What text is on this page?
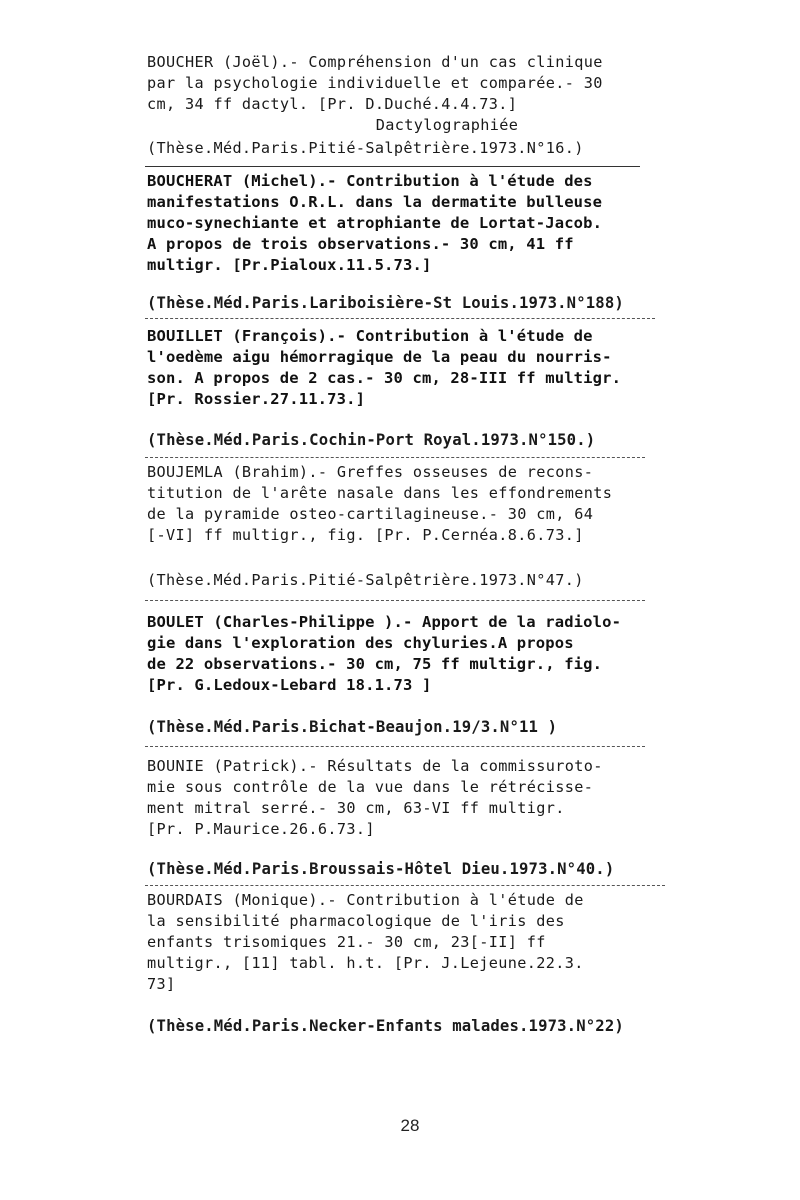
BOUCHER (Joël).- Compréhension d'un cas clinique
par la psychologie individuelle et comparée.- 30
cm, 34 ff dactyl. [Pr. D.Duché.4.4.73.]
Dactylographiée
(Thèse.Méd.Paris.Pitié-Salpêtrière.1973.N°16.)
BOUCHERAT (Michel).- Contribution à l'étude des
manifestations O.R.L. dans la dermatite bulleuse
muco-synechiante et atrophiante de Lortat-Jacob.
A propos de trois observations.- 30 cm, 41 ff
multigr. [Pr.Pialoux.11.5.73.]
(Thèse.Méd.Paris.Lariboisière-St Louis.1973.N°188)
BOUILLET (François).- Contribution à l'étude de
l'oedème aigu hémorragique de la peau du nourris-
son. A propos de 2 cas.- 30 cm, 28-III ff multigr.
[Pr. Rossier.27.11.73.]
(Thèse.Méd.Paris.Cochin-Port Royal.1973.N°150.)
BOUJEMLA (Brahim).- Greffes osseuses de recons-
titution de l'arête nasale dans les effondrements
de la pyramide osteo-cartilagineuse.- 30 cm, 64
[-VI] ff multigr., fig. [Pr. P.Cernéa.8.6.73.]
(Thèse.Méd.Paris.Pitié-Salpêtrière.1973.N°47.)
BOULET (Charles-Philippe ).- Apport de la radiolo-
gie dans l'exploration des chyluries.A propos
de 22 observations.- 30 cm, 75 ff multigr., fig.
[Pr. G.Ledoux-Lebard 18.1.73 ]
(Thèse.Méd.Paris.Bichat-Beaujon.19/3.N°11 )
BOUNIE (Patrick).- Résultats de la commissuroto-
mie sous contrôle de la vue dans le rétrécisse-
ment mitral serré.- 30 cm, 63-VI ff multigr.
[Pr. P.Maurice.26.6.73.]
(Thèse.Méd.Paris.Broussais-Hôtel Dieu.1973.N°40.)
BOURDAIS (Monique).- Contribution à l'étude de
la sensibilité pharmacologique de l'iris des
enfants trisomiques 21.- 30 cm, 23[-II] ff
multigr., [11] tabl. h.t. [Pr. J.Lejeune.22.3.
73]
(Thèse.Méd.Paris.Necker-Enfants malades.1973.N°22)
28
